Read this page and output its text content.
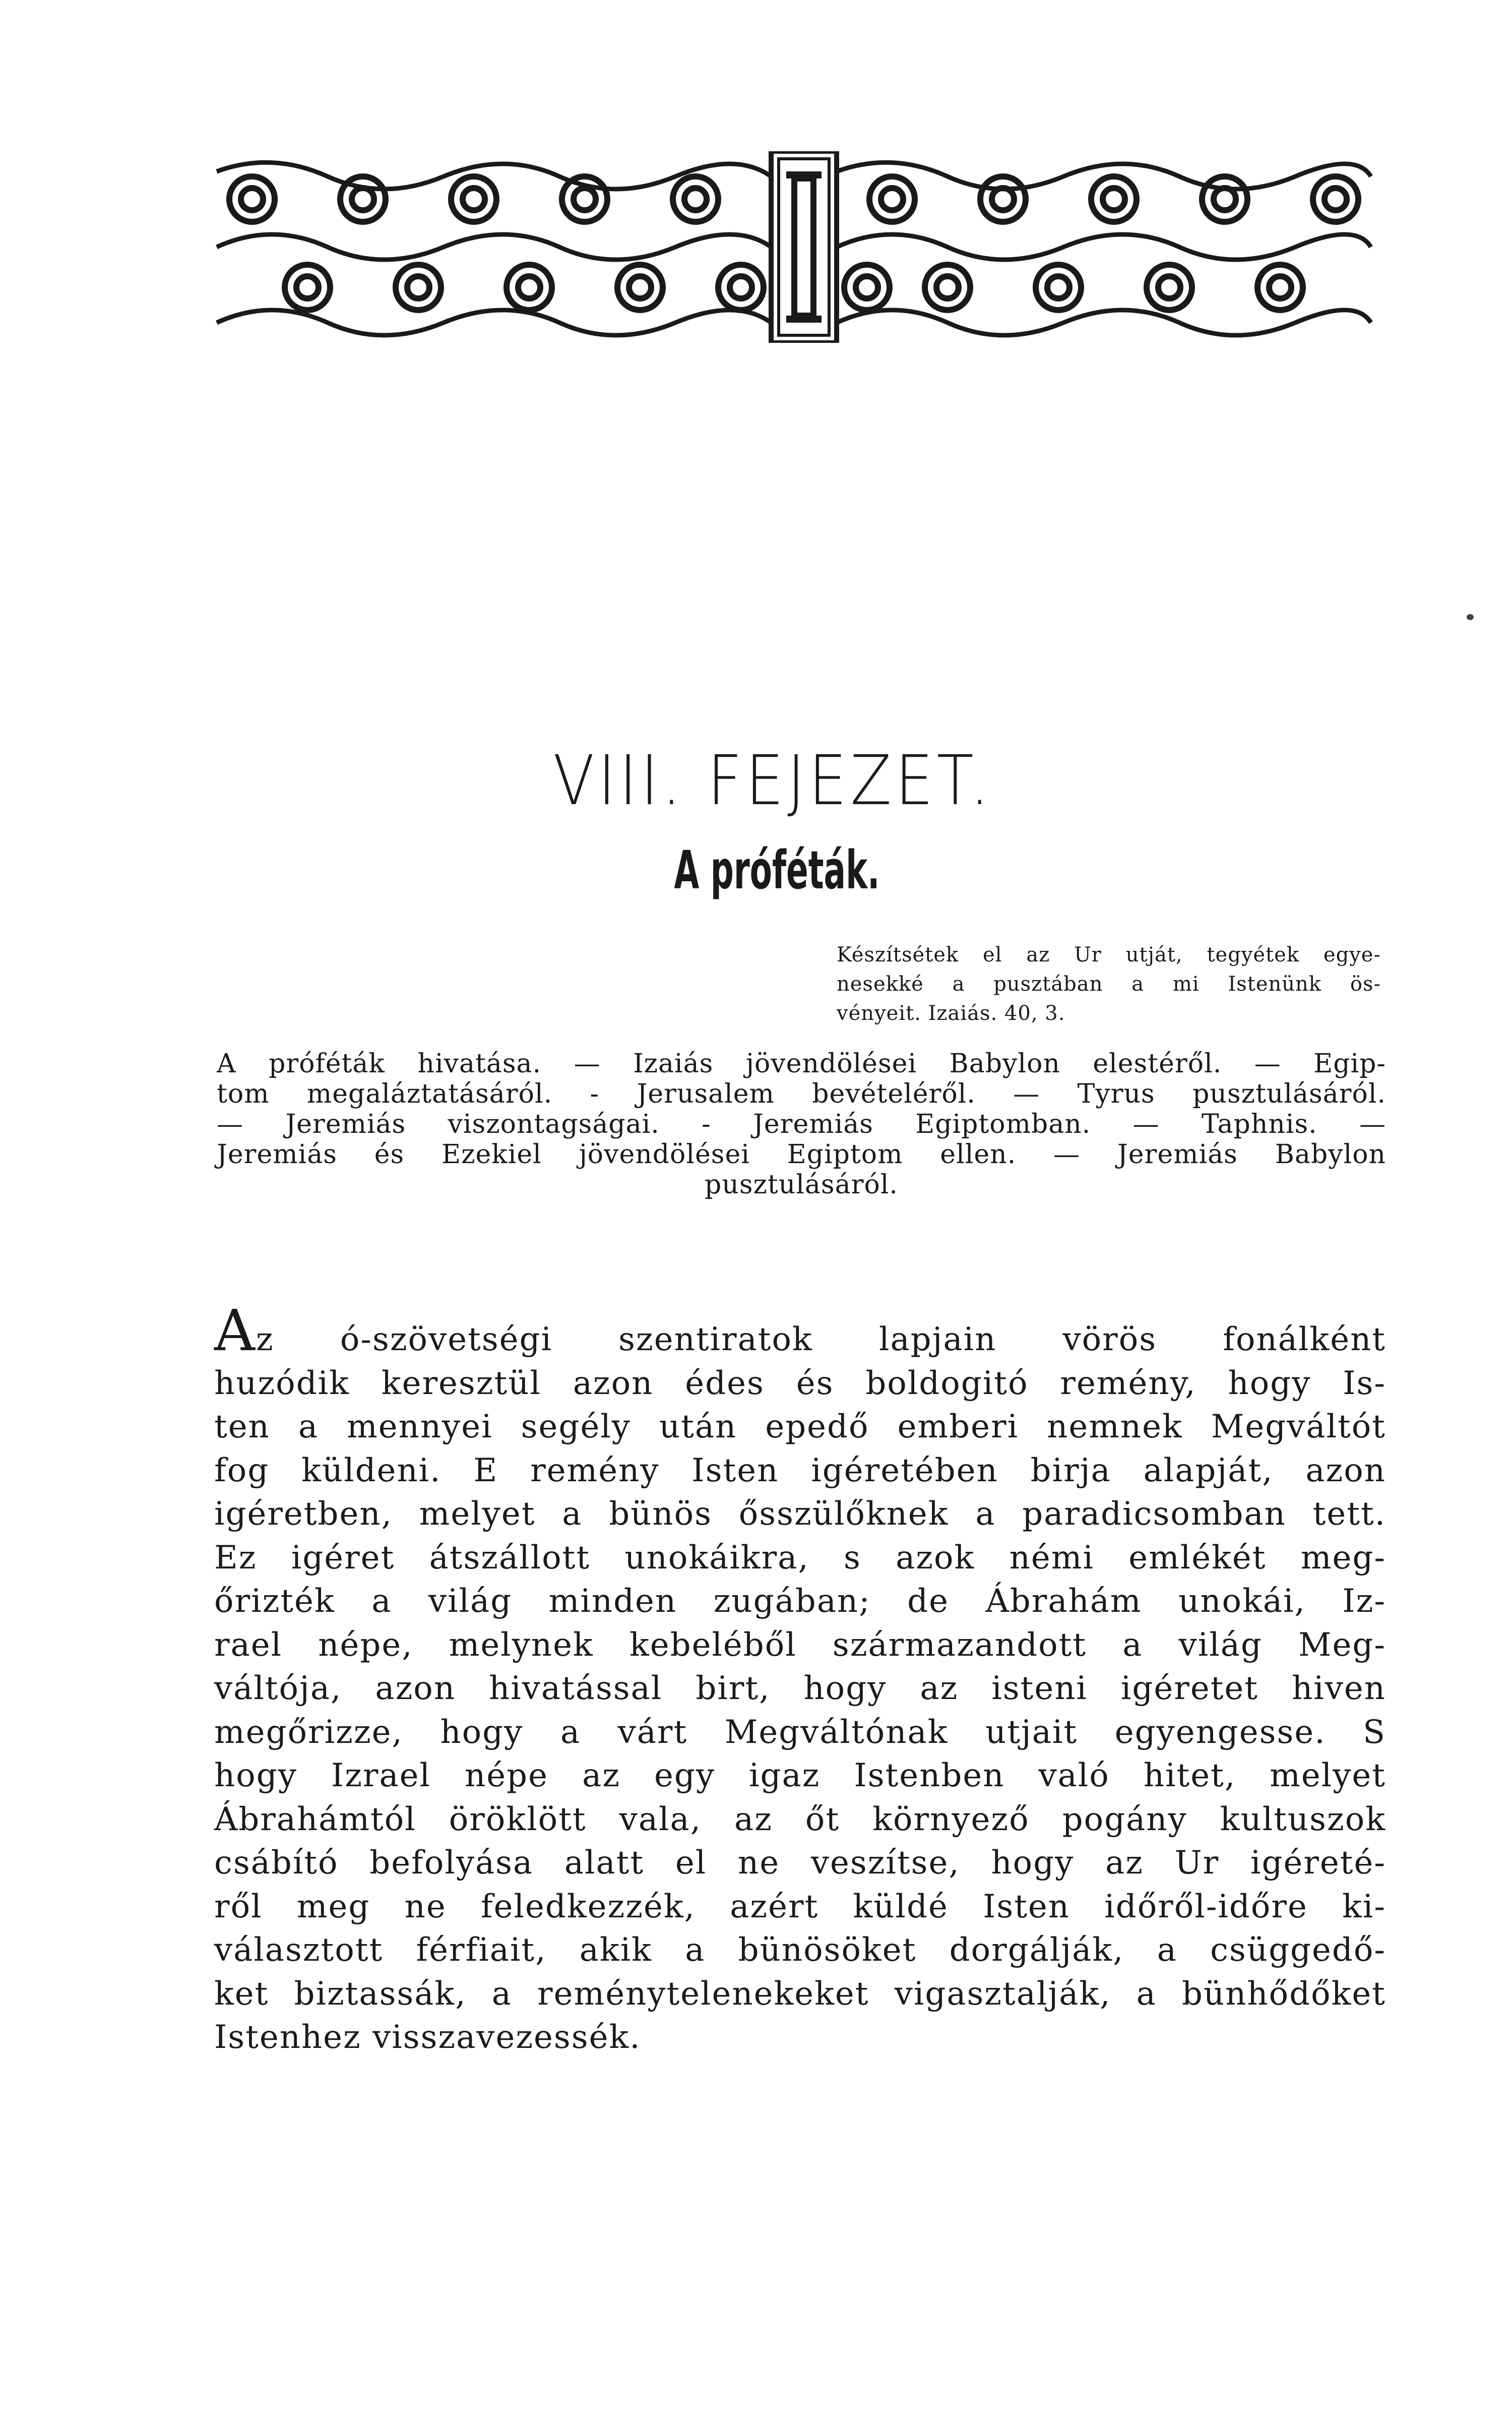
VIII. FEJEZET.
A próféták.
Készítsétek el az Ur utját, tegyétek egye-
nesekké a pusztában a mi Istenünk ös-
vényeit. Izaiás. 40, 3.
A próféták hivatása. — Izaiás jövendölései Babylon elestéről. — Egip-
tom megaláztatásáról. - Jerusalem bevételéről. — Tyrus pusztulásáról.
— Jeremiás viszontagságai. - Jeremiás Egiptomban. — Taphnis. —
Jeremiás és Ezekiel jövendölései Egiptom ellen. — Jeremiás Babylon
pusztulásáról.
Az ó-szövetségi szentiratok lapjain vörös fonálként
huzódik keresztül azon édes és boldogitó remény, hogy Is-
ten a mennyei segély után epedő emberi nemnek Megváltót
fog küldeni. E remény Isten igéretében birja alapját, azon
igéretben, melyet a bünös ősszülőknek a paradicsomban tett.
Ez igéret átszállott unokáikra, s azok némi emlékét meg-
őrizték a világ minden zugában; de Ábrahám unokái, Iz-
rael népe, melynek kebeléből származandott a világ Meg-
váltója, azon hivatással birt, hogy az isteni igéretet hiven
megőrizze, hogy a várt Megváltónak utjait egyengesse. S
hogy Izrael népe az egy igaz Istenben való hitet, melyet
Ábrahámtól öröklött vala, az őt környező pogány kultuszok
csábító befolyása alatt el ne veszítse, hogy az Ur igéreté-
ről meg ne feledkezzék, azért küldé Isten időről-időre ki-
választott férfiait, akik a bünösöket dorgálják, a csüggedő-
ket biztassák, a reménytelenekeket vigasztalják, a bünhődőket
Istenhez visszavezessék.
